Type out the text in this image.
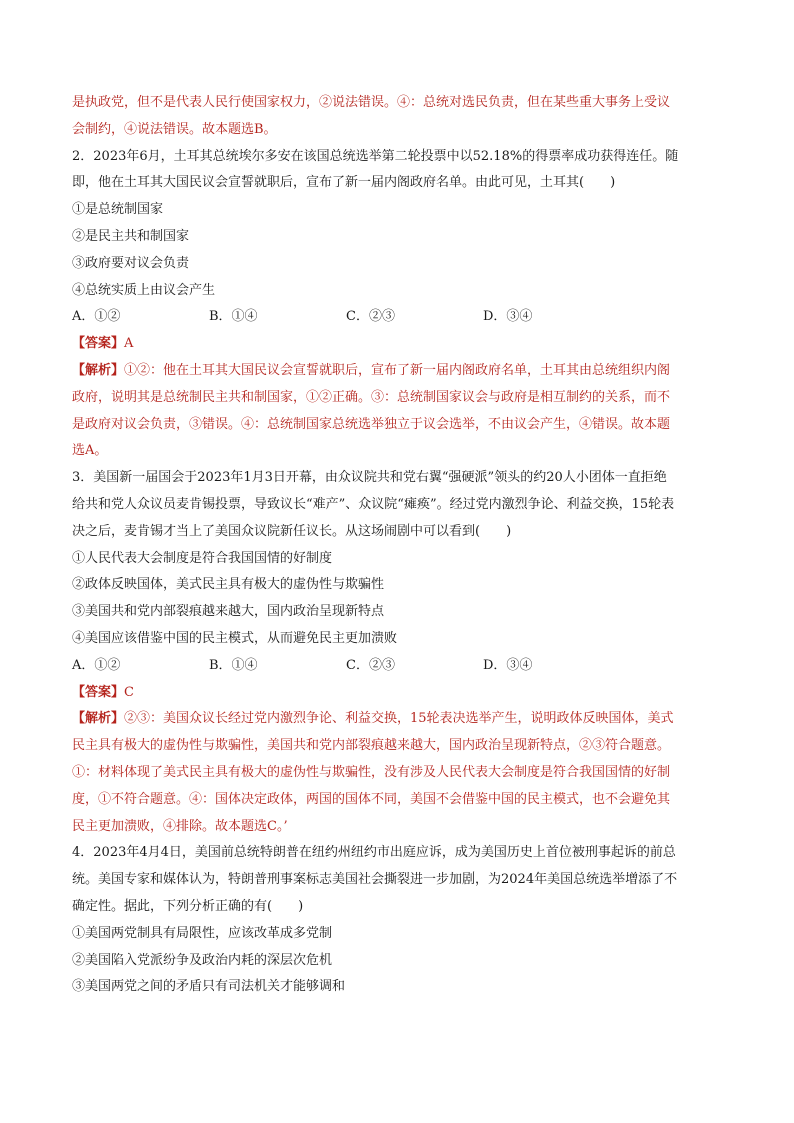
是执政党，但不是代表人民行使国家权力，②说法错误。④：总统对选民负责，但在某些重大事务上受议
会制约，④说法错误。故本题选B。
2．2023年6月，土耳其总统埃尔多安在该国总统选举第二轮投票中以52.18%的得票率成功获得连任。随
即，他在土耳其大国民议会宣誓就职后，宣布了新一届内阁政府名单。由此可见，土耳其(　　)
①是总统制国家
②是民主共和制国家
③政府要对议会负责
④总统实质上由议会产生
A．①②	B．①④	C．②③	D．③④
【答案】A
【解析】①②：他在土耳其大国民议会宣誓就职后，宣布了新一届内阁政府名单，土耳其由总统组织内阁
政府，说明其是总统制民主共和制国家，①②正确。③：总统制国家议会与政府是相互制约的关系，而不
是政府对议会负责，③错误。④：总统制国家总统选举独立于议会选举，不由议会产生，④错误。故本题
选A。
3．美国新一届国会于2023年1月3日开幕，由众议院共和党右翼“强硬派”领头的约20人小团体一直拒绝
给共和党人众议员麦肯锡投票，导致议长“难产”、众议院“瘫痪”。经过党内激烈争论、利益交换，15轮表
决之后，麦肯锡才当上了美国众议院新任议长。从这场闹剧中可以看到(　　)
①人民代表大会制度是符合我国国情的好制度
②政体反映国体，美式民主具有极大的虚伪性与欺骗性
③美国共和党内部裂痕越来越大，国内政治呈现新特点
④美国应该借鉴中国的民主模式，从而避免民主更加溃败
A．①②	B．①④	C．②③	D．③④
【答案】C
【解析】②③：美国众议长经过党内激烈争论、利益交换，15轮表决选举产生，说明政体反映国体，美式
民主具有极大的虚伪性与欺骗性，美国共和党内部裂痕越来越大，国内政治呈现新特点，②③符合题意。
①：材料体现了美式民主具有极大的虚伪性与欺骗性，没有涉及人民代表大会制度是符合我国国情的好制
度，①不符合题意。④：国体决定政体，两国的国体不同，美国不会借鉴中国的民主模式，也不会避免其
民主更加溃败，④排除。故本题选C。’
4．2023年4月4日，美国前总统特朗普在纽约州纽约市出庭应诉，成为美国历史上首位被刑事起诉的前总
统。美国专家和媒体认为，特朗普刑事案标志美国社会撕裂进一步加剧，为2024年美国总统选举增添了不
确定性。据此，下列分析正确的有(　　)
①美国两党制具有局限性，应该改革成多党制
②美国陷入党派纷争及政治内耗的深层次危机
③美国两党之间的矛盾只有司法机关才能够调和
